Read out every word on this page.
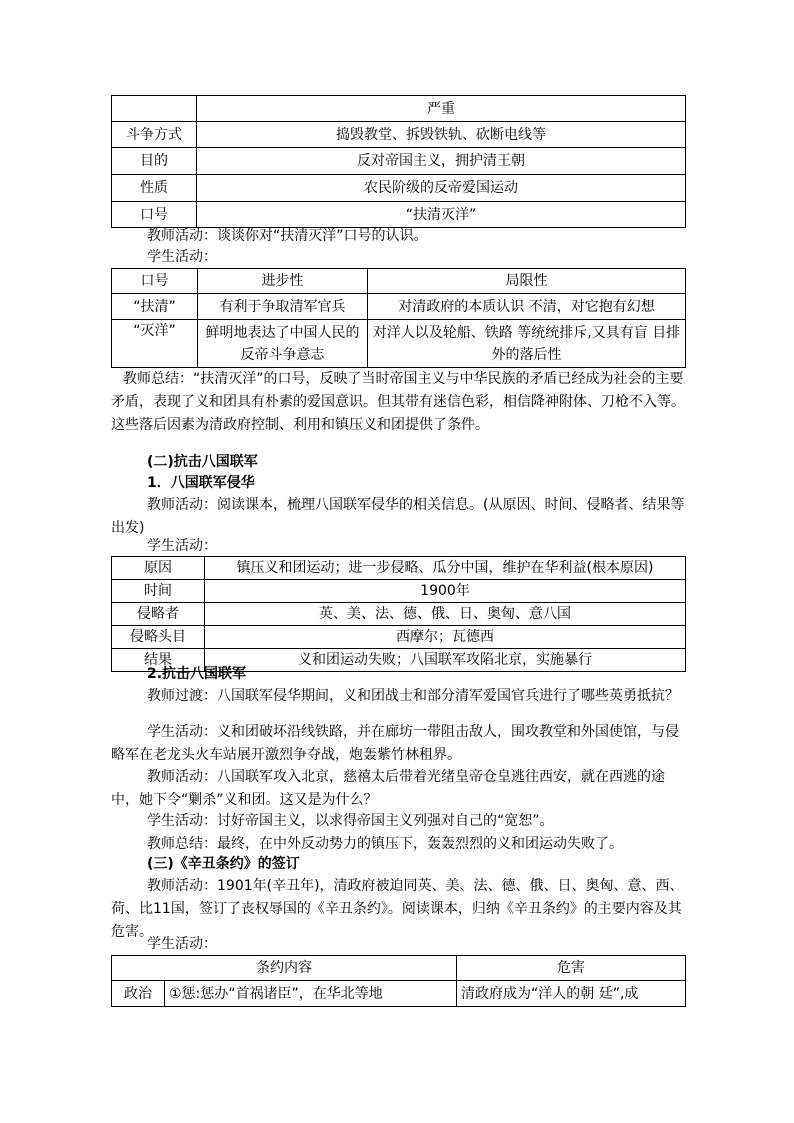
	严重
斗争方式	捣毁教堂、拆毁铁轨、砍断电线等
目的	反对帝国主义，拥护清王朝
性质	农民阶级的反帝爱国运动
口号	“扶清灭洋”

教师活动：谈谈你对“扶清灭洋”口号的认识。

学生活动：

口号	进步性	局限性
“扶清”	有利于争取清军官兵	对清政府的本质认识 不清，对它抱有幻想
“灭洋”	鲜明地表达了中国人民的反帝斗争意志	对洋人以及轮船、铁路 等统统排斥,又具有盲 目排外的落后性

教师总结：“扶清灭洋”的口号，反映了当时帝国主义与中华民族的矛盾已经成为社会的主要矛盾，表现了义和团具有朴素的爱国意识。但其带有迷信色彩，相信降神附体、刀枪不入等。这些落后因素为清政府控制、利用和镇压义和团提供了条件。

(二)抗击八国联军

1．八国联军侵华

教师活动：阅读课本，梳理八国联军侵华的相关信息。(从原因、时间、侵略者、结果等出发)

学生活动：

原因	镇压义和团运动；进一步侵略、瓜分中国，维护在华利益(根本原因)
时间	1900年
侵略者	英、美、法、德、俄、日、奥匈、意八国
侵略头目	西摩尔；瓦德西
结果	义和团运动失败；八国联军攻陷北京，实施暴行

2.抗击八国联军

教师过渡：八国联军侵华期间，义和团战士和部分清军爱国官兵进行了哪些英勇抵抗？

学生活动：义和团破坏沿线铁路，并在廊坊一带阻击敌人，围攻教堂和外国使馆，与侵略军在老龙头火车站展开激烈争夺战，炮轰紫竹林租界。

教师活动：八国联军攻入北京，慈禧太后带着光绪皇帝仓皇逃往西安，就在西逃的途中，她下令“剿杀”义和团。这又是为什么？

学生活动：讨好帝国主义，以求得帝国主义列强对自己的“宽恕”。

教师总结：最终，在中外反动势力的镇压下，轰轰烈烈的义和团运动失败了。

(三)《辛丑条约》的签订

教师活动：1901年(辛丑年)，清政府被迫同英、美、法、德、俄、日、奥匈、意、西、荷、比11国，签订了丧权辱国的《辛丑条约》。阅读课本，归纳《辛丑条约》的主要内容及其危害。

学生活动：

条约内容		危害
政治	①惩:惩办“首祸诸臣”，在华北等地	清政府成为“洋人的朝 廷”,成
